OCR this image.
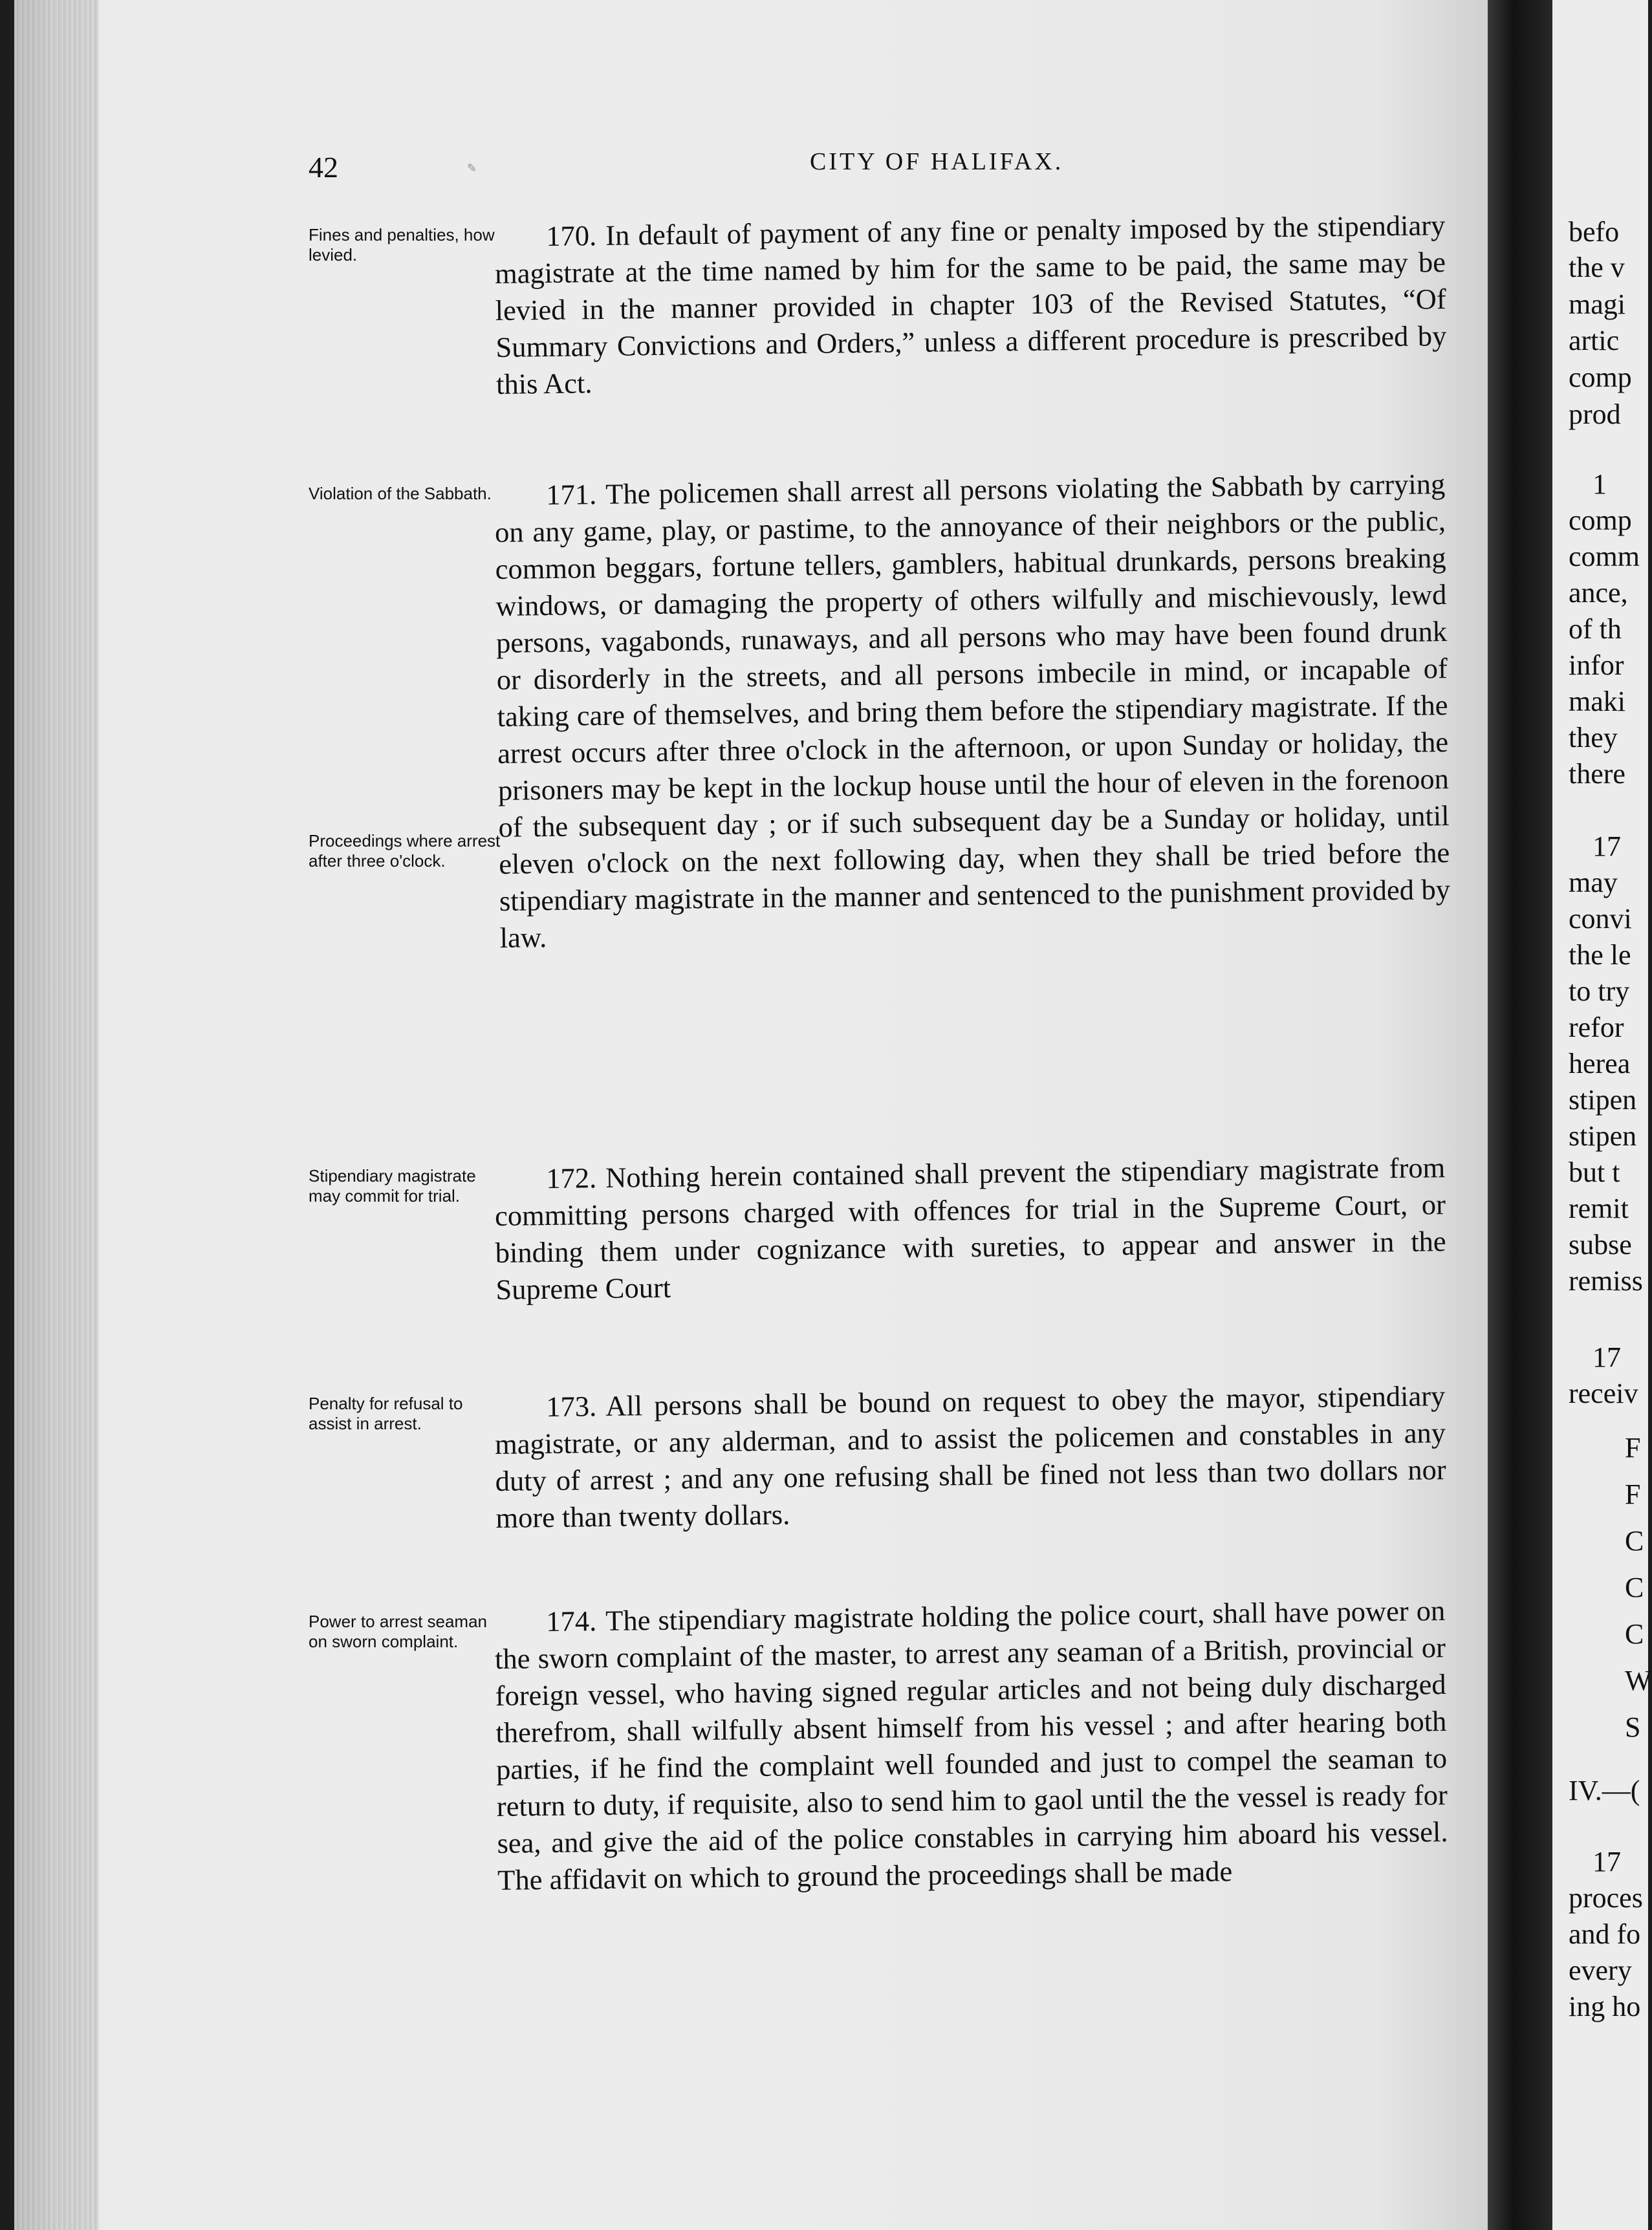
42	CITY OF HALIFAX.
✎
Fines and penalties, how levied.
170. In default of payment of any fine or penalty imposed by the stipendiary magistrate at the time named by him for the same to be paid, the same may be levied in the manner provided in chapter 103 of the Revised Statutes, “Of Summary Convictions and Orders,” unless a different procedure is prescribed by this Act.
Violation of the Sabbath.
Proceedings where arrest after three o'clock.
171. The policemen shall arrest all persons violating the Sabbath by carrying on any game, play, or pastime, to the annoyance of their neighbors or the public, common beggars, fortune tellers, gamblers, habitual drunkards, persons breaking windows, or damaging the property of others wilfully and mischievously, lewd persons, vagabonds, runaways, and all persons who may have been found drunk or disorderly in the streets, and all persons imbecile in mind, or incapable of taking care of themselves, and bring them before the stipendiary magistrate. If the arrest occurs after three o'clock in the afternoon, or upon Sunday or holiday, the prisoners may be kept in the lockup house until the hour of eleven in the forenoon of the subsequent day ; or if such subsequent day be a Sunday or holiday, until eleven o'clock on the next following day, when they shall be tried before the stipendiary magistrate in the manner and sentenced to the punishment provided by law.
Stipendiary magistrate may commit for trial.
172. Nothing herein contained shall prevent the stipendiary magistrate from committing persons charged with offences for trial in the Supreme Court, or binding them under cognizance with sureties, to appear and answer in the Supreme Court
Penalty for refusal to assist in arrest.
173. All persons shall be bound on request to obey the mayor, stipendiary magistrate, or any alderman, and to assist the policemen and constables in any duty of arrest ; and any one refusing shall be fined not less than two dollars nor more than twenty dollars.
Power to arrest seaman on sworn complaint.
174. The stipendiary magistrate holding the police court, shall have power on the sworn complaint of the master, to arrest any seaman of a British, provincial or foreign vessel, who having signed regular articles and not being duly discharged therefrom, shall wilfully absent himself from his vessel ; and after hearing both parties, if he find the complaint well founded and just to compel the seaman to return to duty, if requisite, also to send him to gaol until the the vessel is ready for sea, and give the aid of the police constables in carrying him aboard his vessel. The affidavit on which to ground the proceedings shall be made
befo
the v
magi
artic
comp
prod
1
comp
comm
ance,
of th
infor
maki
they
there
17
may
convi
the le
to try
refor
herea
stipen
stipen
but t
remit
subse
remiss
17
receiv
F
F
C
C
C
W
S
IV.—(
17
proces
and fo
every
ing ho
